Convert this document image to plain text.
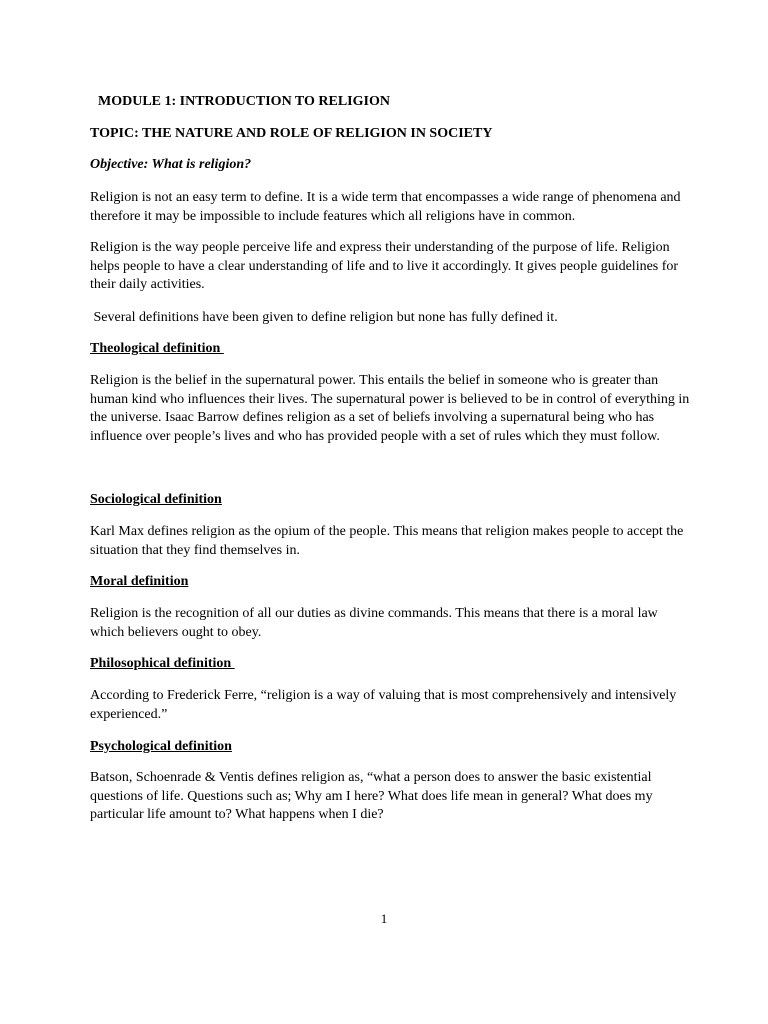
MODULE 1: INTRODUCTION TO RELIGION

TOPIC: THE NATURE AND ROLE OF RELIGION IN SOCIETY

Objective: What is religion?

Religion is not an easy term to define. It is a wide term that encompasses a wide range of phenomena and therefore it may be impossible to include features which all religions have in common.

Religion is the way people perceive life and express their understanding of the purpose of life. Religion helps people to have a clear understanding of life and to live it accordingly. It gives people guidelines for their daily activities.

Several definitions have been given to define religion but none has fully defined it.

Theological definition

Religion is the belief in the supernatural power. This entails the belief in someone who is greater than human kind who influences their lives. The supernatural power is believed to be in control of everything in the universe. Isaac Barrow defines religion as a set of beliefs involving a supernatural being who has influence over people’s lives and who has provided people with a set of rules which they must follow.

Sociological definition

Karl Max defines religion as the opium of the people. This means that religion makes people to accept the situation that they find themselves in.

Moral definition

Religion is the recognition of all our duties as divine commands. This means that there is a moral law which believers ought to obey.

Philosophical definition

According to Frederick Ferre, “religion is a way of valuing that is most comprehensively and intensively experienced.”

Psychological definition

Batson, Schoenrade & Ventis defines religion as, “what a person does to answer the basic existential questions of life. Questions such as; Why am I here? What does life mean in general? What does my particular life amount to? What happens when I die?

1
